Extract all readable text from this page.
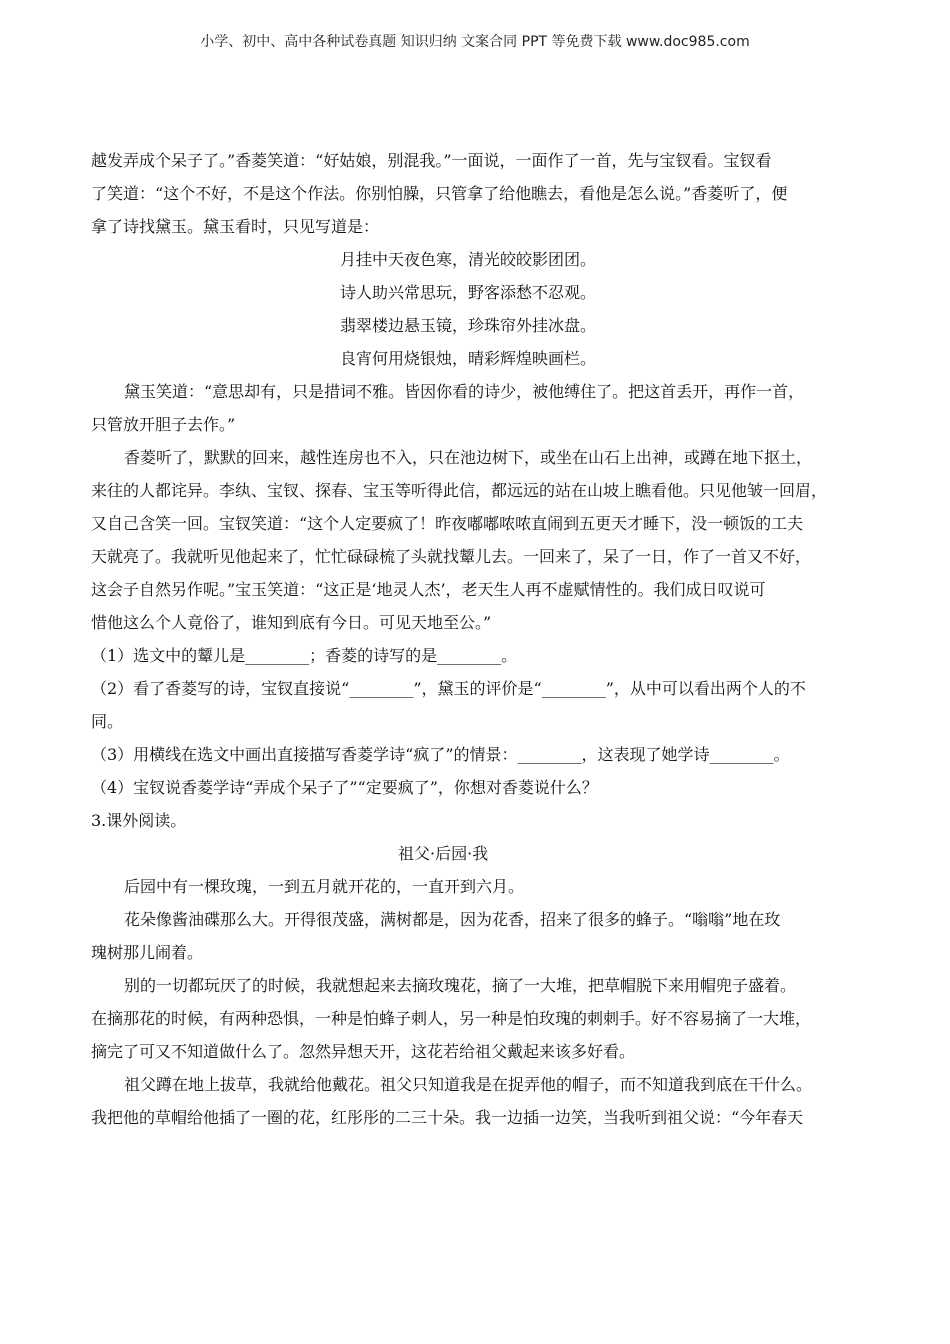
小学、初中、高中各种试卷真题 知识归纳 文案合同 PPT 等免费下载 www.doc985.com
越发弄成个呆子了。”香菱笑道：“好姑娘，别混我。”一面说，一面作了一首，先与宝钗看。宝钗看
了笑道：“这个不好，不是这个作法。你别怕臊，只管拿了给他瞧去，看他是怎么说。”香菱听了，便
拿了诗找黛玉。黛玉看时，只见写道是：
月挂中天夜色寒，清光皎皎影团团。
诗人助兴常思玩，野客添愁不忍观。
翡翠楼边悬玉镜，珍珠帘外挂冰盘。
良宵何用烧银烛，晴彩辉煌映画栏。
黛玉笑道：“意思却有，只是措词不雅。皆因你看的诗少，被他缚住了。把这首丢开，再作一首，
只管放开胆子去作。”
香菱听了，默默的回来，越性连房也不入，只在池边树下，或坐在山石上出神，或蹲在地下抠土，
来往的人都诧异。李纨、宝钗、探春、宝玉等听得此信，都远远的站在山坡上瞧看他。只见他皱一回眉，
又自己含笑一回。宝钗笑道：“这个人定要疯了！昨夜嘟嘟哝哝直闹到五更天才睡下，没一顿饭的工夫
天就亮了。我就听见他起来了，忙忙碌碌梳了头就找颦儿去。一回来了，呆了一日，作了一首又不好，
这会子自然另作呢。”宝玉笑道：“这正是‘地灵人杰’，老天生人再不虚赋情性的。我们成日叹说可
惜他这么个人竟俗了，谁知到底有今日。可见天地至公。”
（1）选文中的颦儿是________；香菱的诗写的是________。
（2）看了香菱写的诗，宝钗直接说“________”，黛玉的评价是“________”，从中可以看出两个人的不
同。
（3）用横线在选文中画出直接描写香菱学诗“疯了”的情景：________，这表现了她学诗________。
（4）宝钗说香菱学诗“弄成个呆子了”“定要疯了”，你想对香菱说什么？
3.课外阅读。
祖父·后园·我
后园中有一棵玫瑰，一到五月就开花的，一直开到六月。
花朵像酱油碟那么大。开得很茂盛，满树都是，因为花香，招来了很多的蜂子。“嗡嗡”地在玫
瑰树那儿闹着。
别的一切都玩厌了的时候，我就想起来去摘玫瑰花，摘了一大堆，把草帽脱下来用帽兜子盛着。
在摘那花的时候，有两种恐惧，一种是怕蜂子刺人，另一种是怕玫瑰的刺刺手。好不容易摘了一大堆，
摘完了可又不知道做什么了。忽然异想天开，这花若给祖父戴起来该多好看。
祖父蹲在地上拔草，我就给他戴花。祖父只知道我是在捉弄他的帽子，而不知道我到底在干什么。
我把他的草帽给他插了一圈的花，红彤彤的二三十朵。我一边插一边笑，当我听到祖父说：“今年春天
